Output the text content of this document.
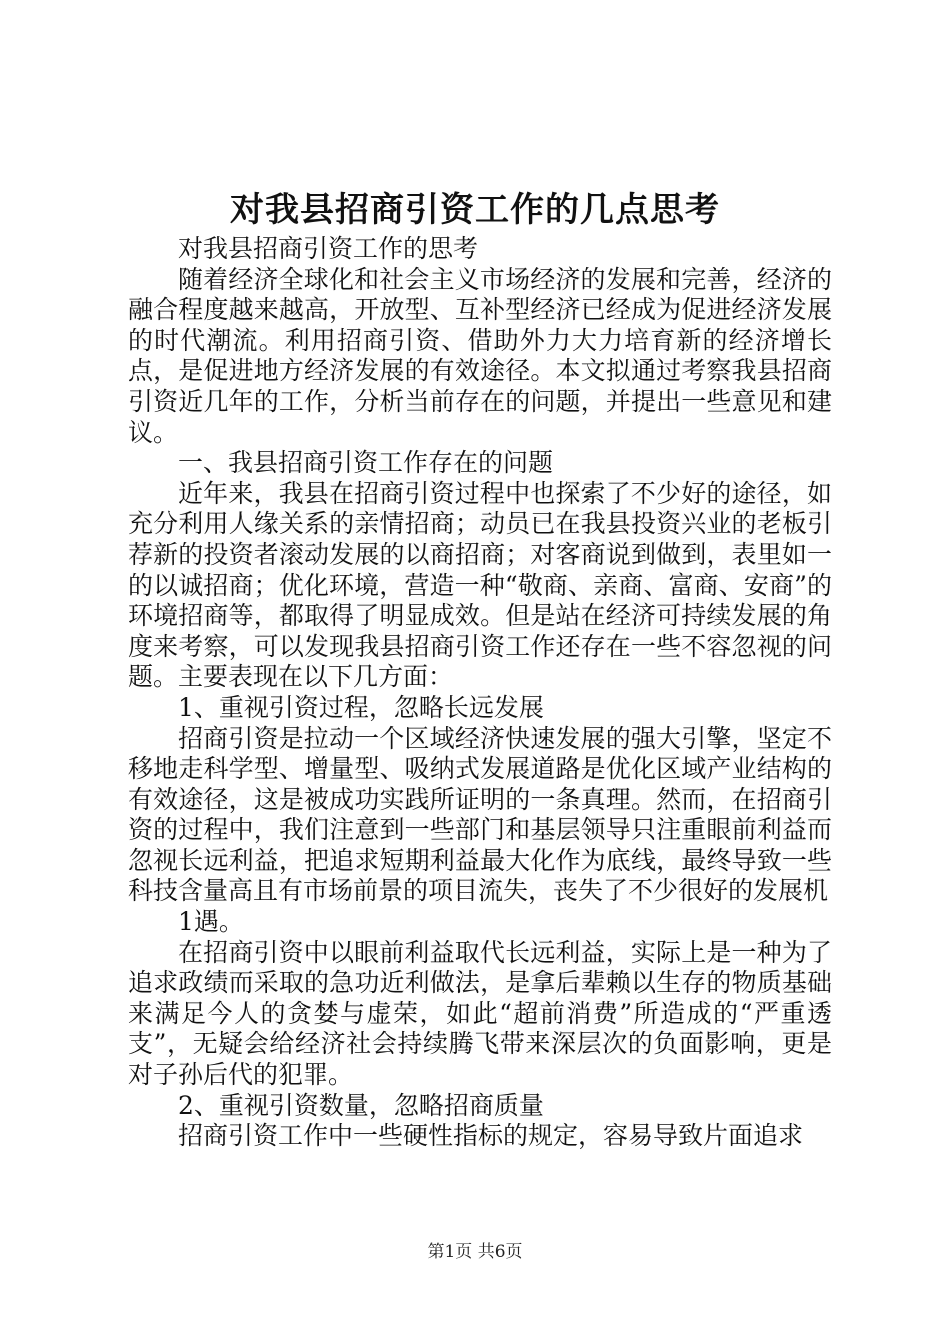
对我县招商引资工作的几点思考

对我县招商引资工作的思考

随着经济全球化和社会主义市场经济的发展和完善，经济的融合程度越来越高，开放型、互补型经济已经成为促进经济发展的时代潮流。利用招商引资、借助外力大力培育新的经济增长点，是促进地方经济发展的有效途径。本文拟通过考察我县招商引资近几年的工作，分析当前存在的问题，并提出一些意见和建议。

一、我县招商引资工作存在的问题

近年来，我县在招商引资过程中也探索了不少好的途径，如充分利用人缘关系的亲情招商；动员已在我县投资兴业的老板引荐新的投资者滚动发展的以商招商；对客商说到做到，表里如一的以诚招商；优化环境，营造一种“敬商、亲商、富商、安商”的环境招商等，都取得了明显成效。但是站在经济可持续发展的角度来考察，可以发现我县招商引资工作还存在一些不容忽视的问题。主要表现在以下几方面：

1、重视引资过程，忽略长远发展

招商引资是拉动一个区域经济快速发展的强大引擎，坚定不移地走科学型、增量型、吸纳式发展道路是优化区域产业结构的有效途径，这是被成功实践所证明的一条真理。然而，在招商引资的过程中，我们注意到一些部门和基层领导只注重眼前利益而忽视长远利益，把追求短期利益最大化作为底线，最终导致一些科技含量高且有市场前景的项目流失，丧失了不少很好的发展机

1遇。

在招商引资中以眼前利益取代长远利益，实际上是一种为了追求政绩而采取的急功近利做法，是拿后辈赖以生存的物质基础来满足今人的贪婪与虚荣，如此“超前消费”所造成的“严重透支”，无疑会给经济社会持续腾飞带来深层次的负面影响，更是对子孙后代的犯罪。

2、重视引资数量，忽略招商质量

招商引资工作中一些硬性指标的规定，容易导致片面追求

第1页 共6页
